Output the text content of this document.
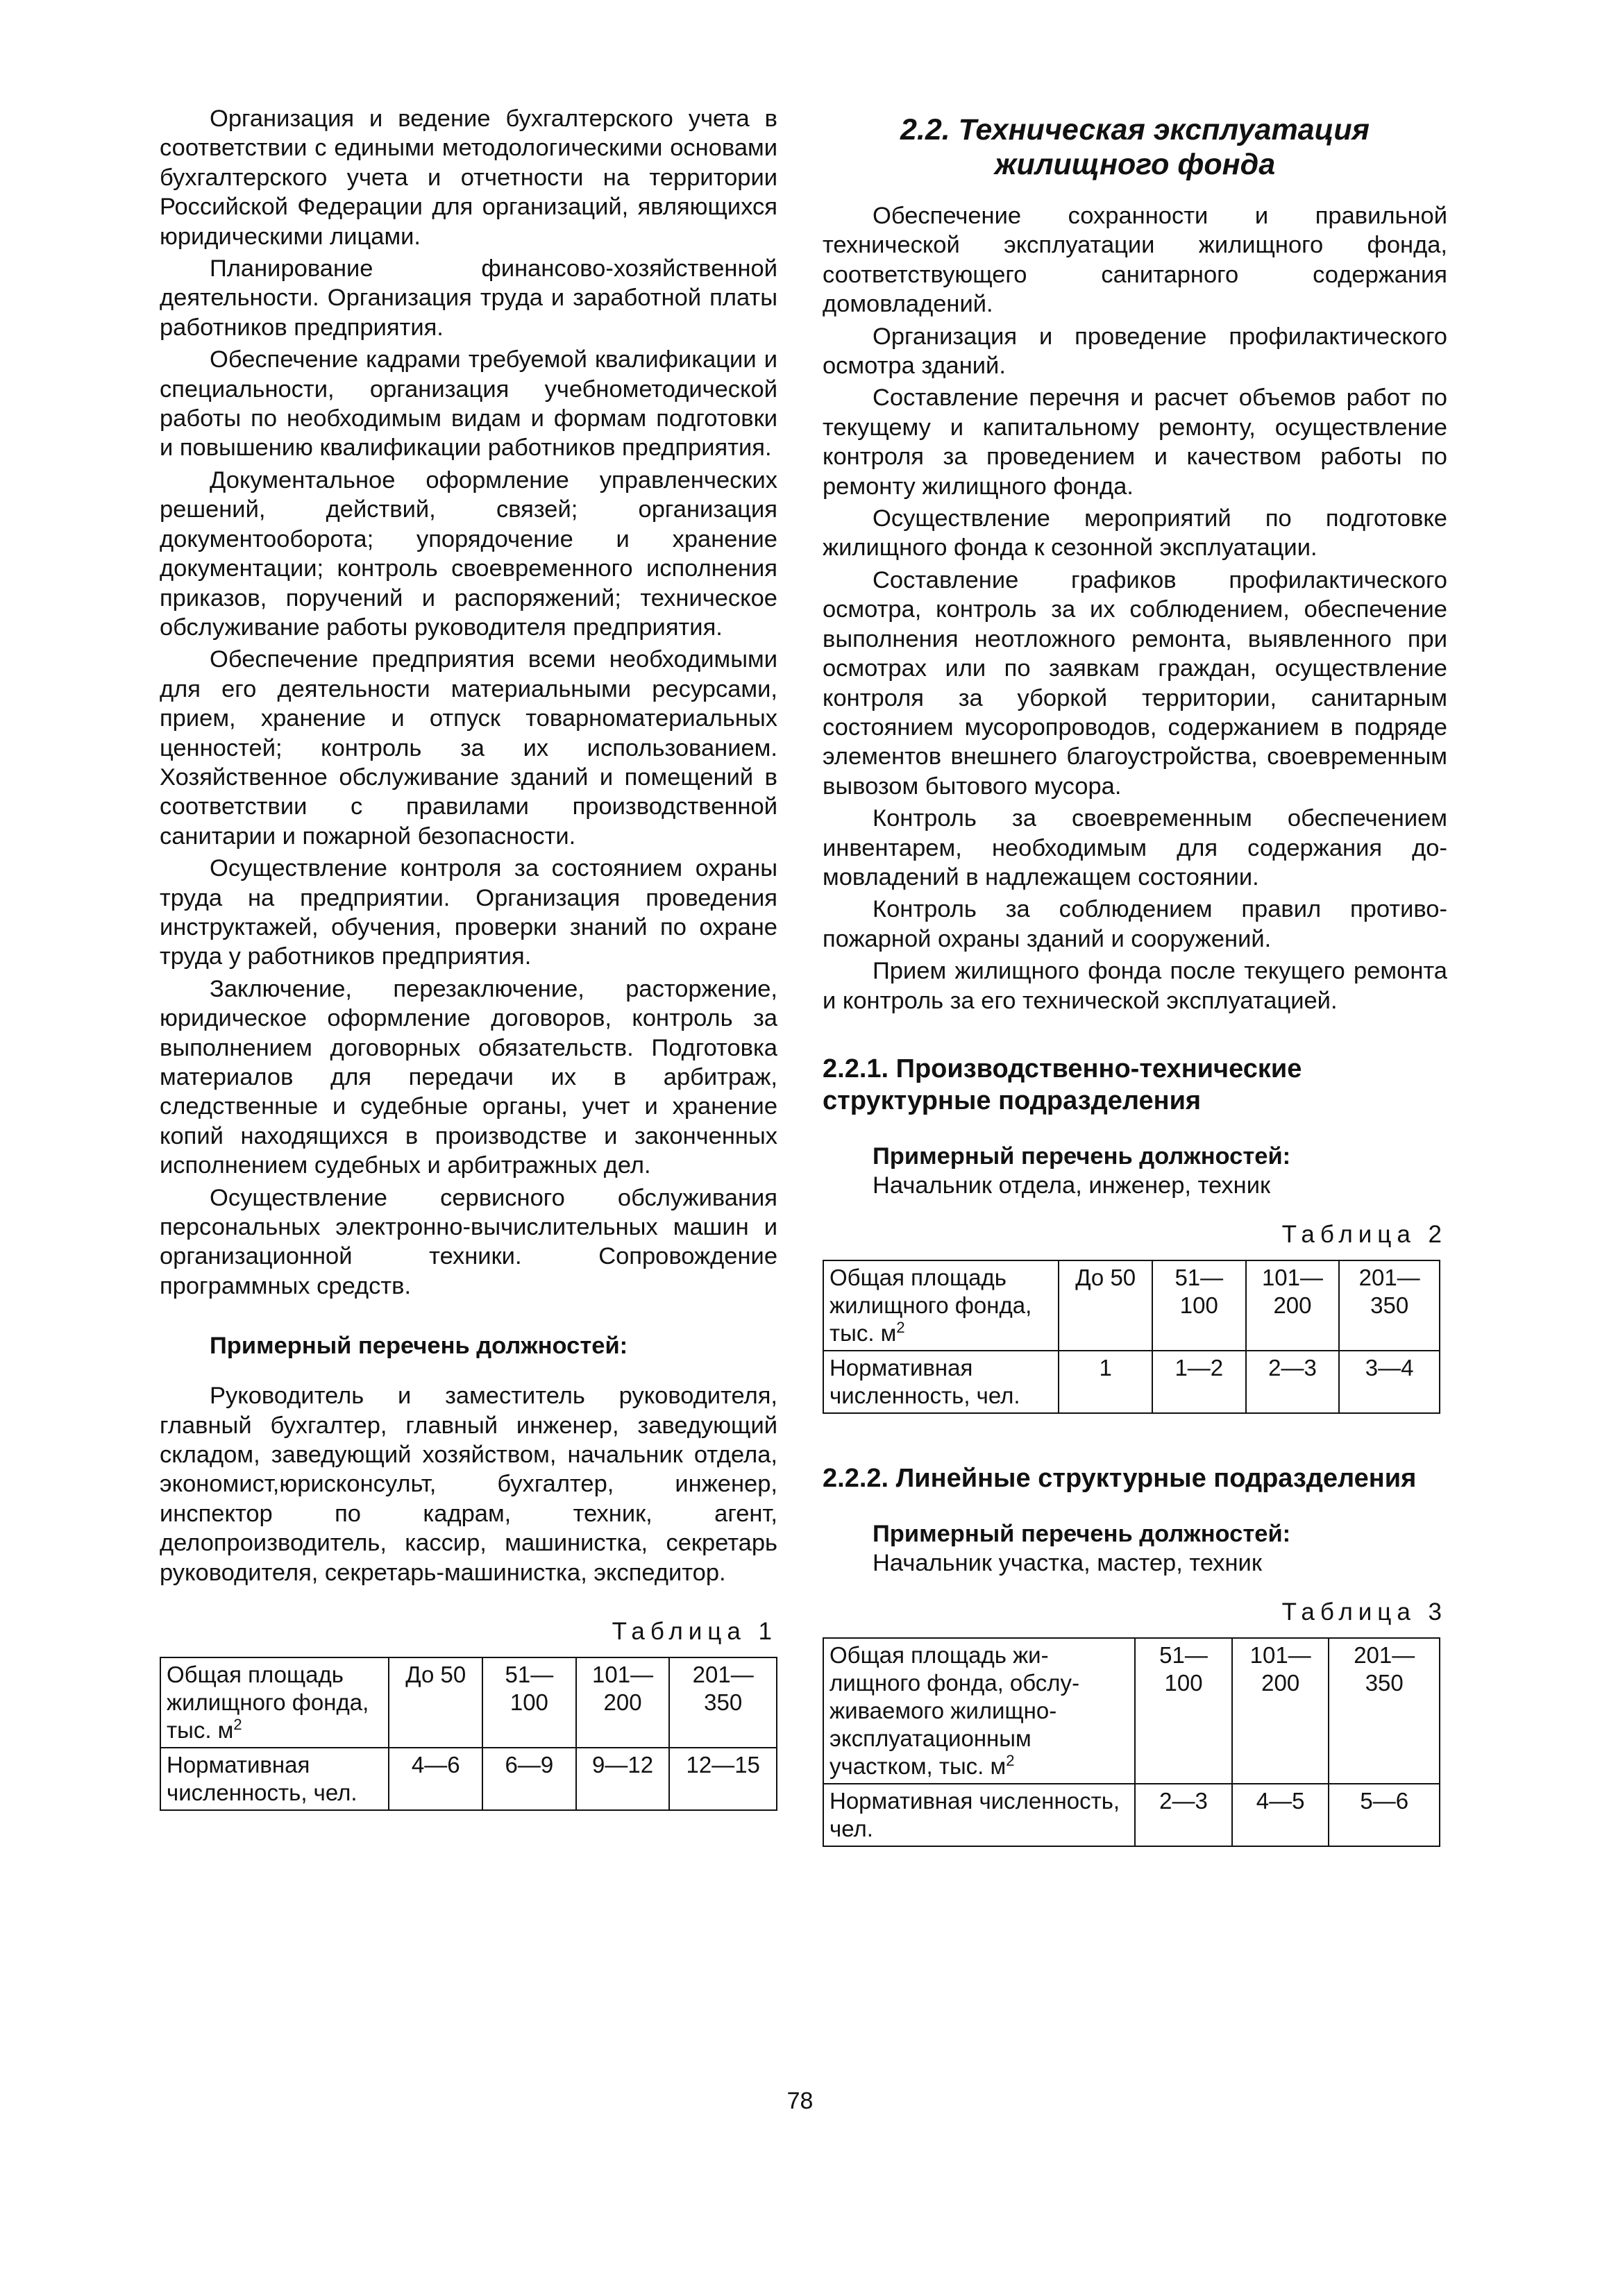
Организация и ведение бухгалтерского учета в соответствии с едиными методологическими основами бухгалтерского учета и отчетности на территории Российской Федерации для организаций, являющихся юридическими лицами.

Планирование финансово-хозяйственной деятельности. Организация труда и заработной платы работников предприятия.

Обеспечение кадрами требуемой квалификации и специальности, организация учебнометодической работы по необходимым видам и формам подготовки и повышению квалификации работников предприятия.

Документальное оформление управленческих решений, действий, связей; организация документооборота; упорядочение и хранение документации; контроль своевременного исполнения приказов, поручений и распоряжений; техническое обслуживание работы руководителя предприятия.

Обеспечение предприятия всеми необходимыми для его деятельности материальными ресурсами, прием, хранение и отпуск товарноматериальных ценностей; контроль за их использованием. Хозяйственное обслуживание зданий и помещений в соответствии с правилами производственной санитарии и пожарной безопасности.

Осуществление контроля за состоянием охраны труда на предприятии. Организация проведения инструктажей, обучения, проверки знаний по охране труда у работников предприятия.

Заключение, перезаключение, расторжение, юридическое оформление договоров, контроль за выполнением договорных обязательств. Подготовка материалов для передачи их в арбитраж, следственные и судебные органы, учет и хранение копий находящихся в производстве и законченных исполнением судебных и арбитражных дел.

Осуществление сервисного обслуживания персональных электронно-вычислительных машин и организационной техники. Сопровождение программных средств.

Примерный перечень должностей:

Руководитель и заместитель руководителя, главный бухгалтер, главный инженер, заведующий складом, заведующий хозяйством, начальник отдела, экономист,юрисконсульт, бухгалтер, инженер, инспектор по кадрам, техник, агент, делопроизводитель, кассир, машинистка, секретарь руководителя, секретарь-машинистка, экспедитор.

Таблица 1

Общая площадь жилищного фонда, тыс. $м^2$	До 50	51— 100	101— 200	201— 350
Нормативная численность, чел.	4—6	6—9	9—12	12—15
2.2. Техническая эксплуатация жилищного фонда

Обеспечение сохранности и правильной технической эксплуатации жилищного фонда, соответствующего санитарного содержания домовладений.

Организация и проведение профилактического осмотра зданий.

Составление перечня и расчет объемов работ по текущему и капитальному ремонту, осуществление контроля за проведением и качеством работы по ремонту жилищного фонда.

Осуществление мероприятий по подготовке жилищного фонда к сезонной эксплуатации.

Составление графиков профилактического осмотра, контроль за их соблюдением, обеспечение выполнения неотложного ремонта, выявленного при осмотрах или по заявкам граждан, осуществление контроля за уборкой территории, санитарным состоянием мусоропроводов, содержанием в подряде элементов внешнего благоустройства, своевременным вывозом бытового мусора.

Контроль за своевременным обеспечением инвентарем, необходимым для содержания домовладений в надлежащем состоянии.

Контроль за соблюдением правил противопожарной охраны зданий и сооружений.

Прием жилищного фонда после текущего ремонта и контроль за его технической эксплуатацией.

2.2.1. Производственно-технические структурные подразделения

Примерный перечень должностей:

Начальник отдела, инженер, техник

Таблица 2

Общая площадь жилищного фонда, тыс. $м^2$	До 50	51— 100	101— 200	201— 350
Нормативная численность, чел.	1	1—2	2—3	3—4

2.2.2. Линейные структурные подразделения

Примерный перечень должностей:

Начальник участка, мастер, техник

Таблица 3

Общая площадь жилищного фонда, обслуживаемого жилищноэксплуатационным участком, тыс. $м^2$	51— 100	101— 200	201— 350
Нормативная численность, чел.	2—3	4—5	5—6
78
